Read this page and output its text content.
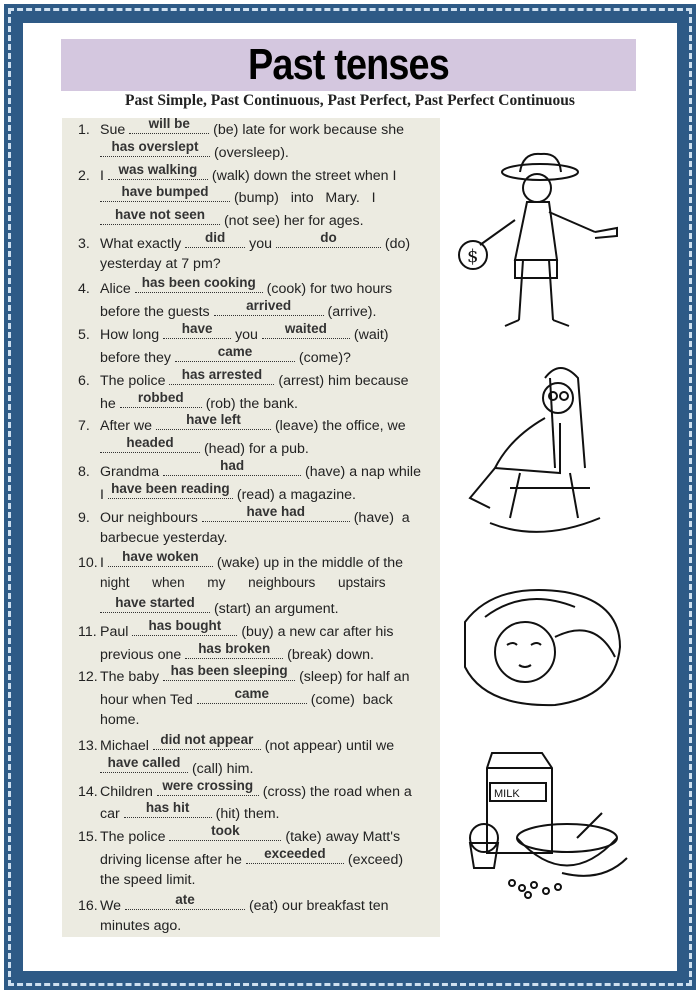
Past tenses
Past Simple, Past Continuous, Past Perfect, Past Perfect Continuous
1. Sue	will be	(be) late for work because she
has overslept	(oversleep).
2. I	was walking	(walk) down the street when I
have bumped	(bump)   into   Mary.   I
have not seen	(not see) her for ages.
3. What exactly	did	you	do	(do)
yesterday at 7 pm?
4. Alice has been cooking (cook) for two hours
before the guests	arrived	(arrive).
5. How long	have	you	waited	(wait)
before they	came	(come)?
6. The police	has arrested	(arrest) him because
he	robbed	(rob) the bank.
7. After we	have left	(leave) the office, we
headed	(head) for a pub.
8. Grandma	had	(have) a nap while
I have been reading (read) a magazine.
9. Our neighbours	have had	(have)  a
barbecue yesterday.
10. I	have woken	(wake) up in the middle of the
night      when      my      neighbours      upstairs
have started	(start) an argument.
11. Paul	has bought	(buy) a new car after his
previous one	has broken	(break) down.
12. The baby has been sleeping (sleep) for half an
hour when Ted	came	(come)  back
home.
13. Michael did not appear (not appear) until we
have called (call) him.
14. Children were crossing (cross) the road when a
car	has hit	(hit) them.
15. The police	took	(take) away Matt's
driving license after he	exceeded	(exceed)
the speed limit.
16. We	ate	(eat) our breakfast ten
minutes ago.
$
MILK
